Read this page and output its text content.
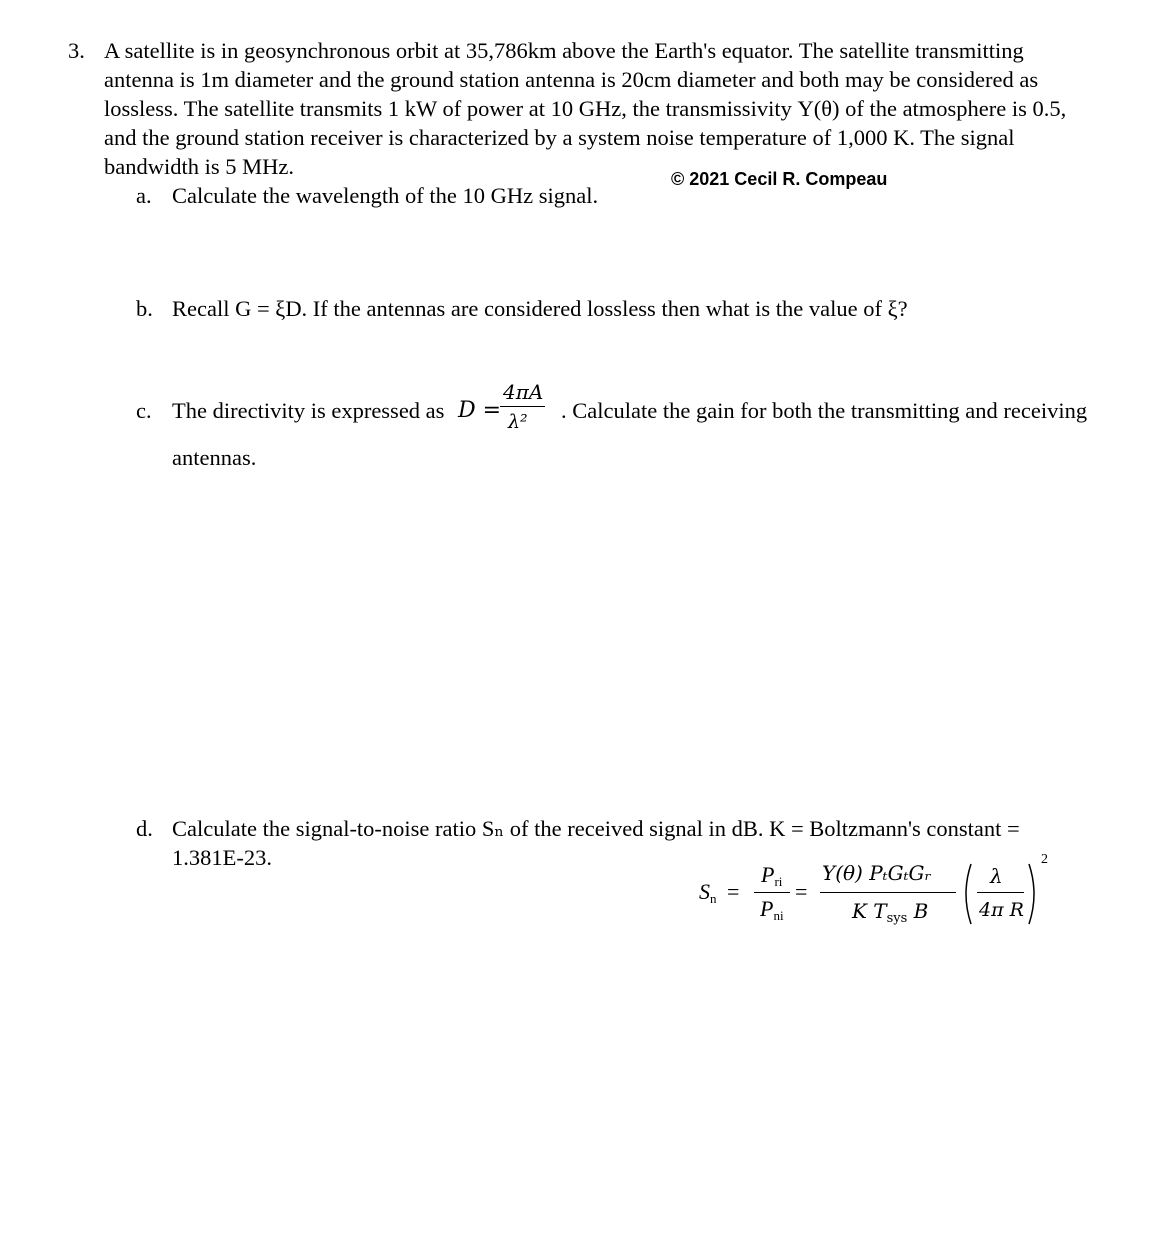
3. A satellite is in geosynchronous orbit at 35,786km above the Earth's equator. The satellite transmitting
antenna is 1m diameter and the ground station antenna is 20cm diameter and both may be considered as
lossless. The satellite transmits 1 kW of power at 10 GHz, the transmissivity Υ(θ) of the atmosphere is 0.5,
and the ground station receiver is characterized by a system noise temperature of 1,000 K. The signal
bandwidth is 5 MHz.	© 2021 Cecil R. Compeau
a. Calculate the wavelength of the 10 GHz signal.
b. Recall G = ξD. If the antennas are considered lossless then what is the value of ξ?
c. The directivity is expressed as D =
4πA
λ² . Calculate the gain for both the transmitting and receiving
antennas.
d. Calculate the signal-to-noise ratio Sₙ of the received signal in dB. K = Boltzmann's constant =
1.381E-23.
$S_n$ =
$P_{ri}$
$P_{ni}$
=
Υ(θ) PₜGₜGᵣ
K $T_{sys}$ B
λ
4π R
2
